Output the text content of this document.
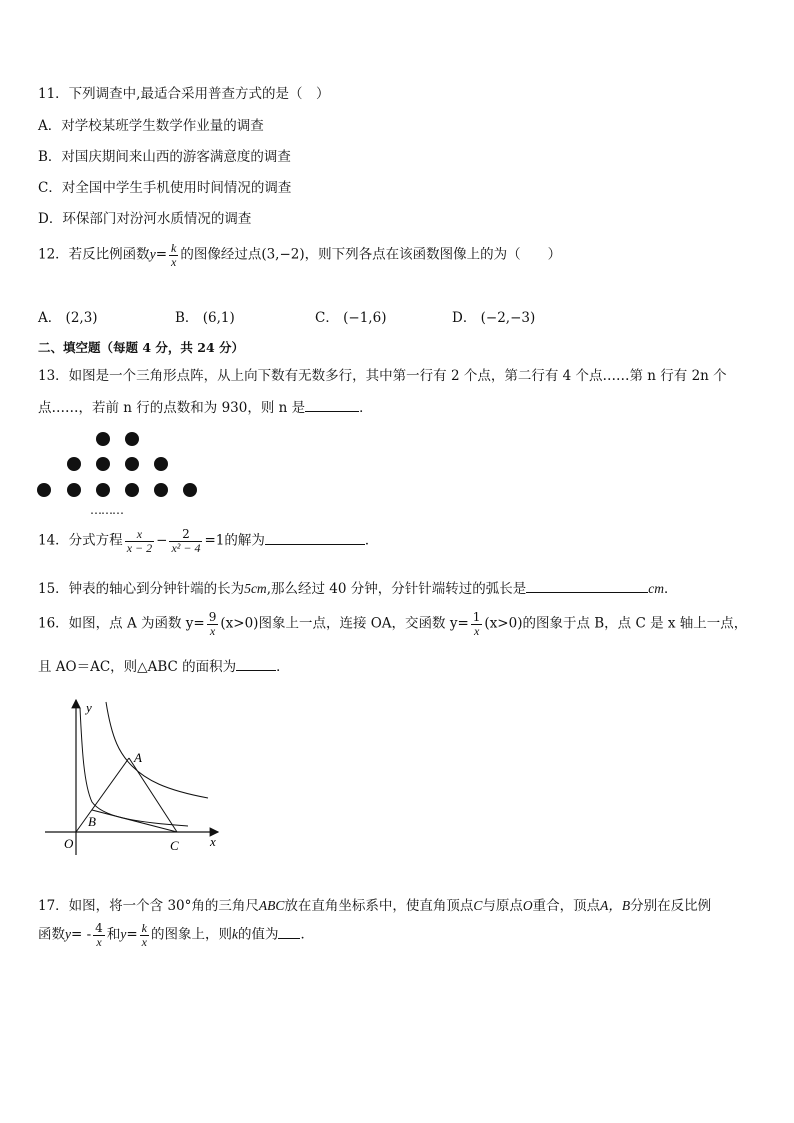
11．下列调查中,最适合采用普查方式的是（　）
A．对学校某班学生数学作业量的调查
B．对国庆期间来山西的游客满意度的调查
C．对全国中学生手机使用时间情况的调查
D．环保部门对汾河水质情况的调查
12．若反比例函数$y= \frac{k}{x}$ 的图像经过点(3,−2)，则下列各点在该函数图像上的为（　　）
A． (2,3)	B． (6,1)	C． (−1,6)	D． (−2,−3)
二、填空题（每题 4 分，共 24 分）
13．如图是一个三角形点阵，从上向下数有无数多行，其中第一行有 2 个点，第二行有 4 个点……第 n 行有 2n 个
点……，若前 n 行的点数和为 930，则 n 是	．
………
14．分式方程 $\frac{x}{x - 2} - \frac{2}{\text{x² − 4}} =1$的解为	．
15．钟表的轴心到分钟针端的长为5cm,那么经过 40 分钟，分针针端转过的弧长是	cm．
16．如图，点 A 为函数 $y= \frac{9}{x} (x>0)$图象上一点，连接 OA，交函数 $y= \frac{1}{x} (x>0)$的图象于点 B，点 C 是 x 轴上一点，
且 AO＝AC，则△ABC 的面积为	．
y
x
O
A
B
C
17．如图，将一个含 30°角的三角尺ABC放在直角坐标系中，使直角顶点C与原点O重合，顶点A，B分别在反比例
函数$y= - \frac{4}{x}$ 和$y= \frac{k}{x}$ 的图象上，则k的值为 ．
